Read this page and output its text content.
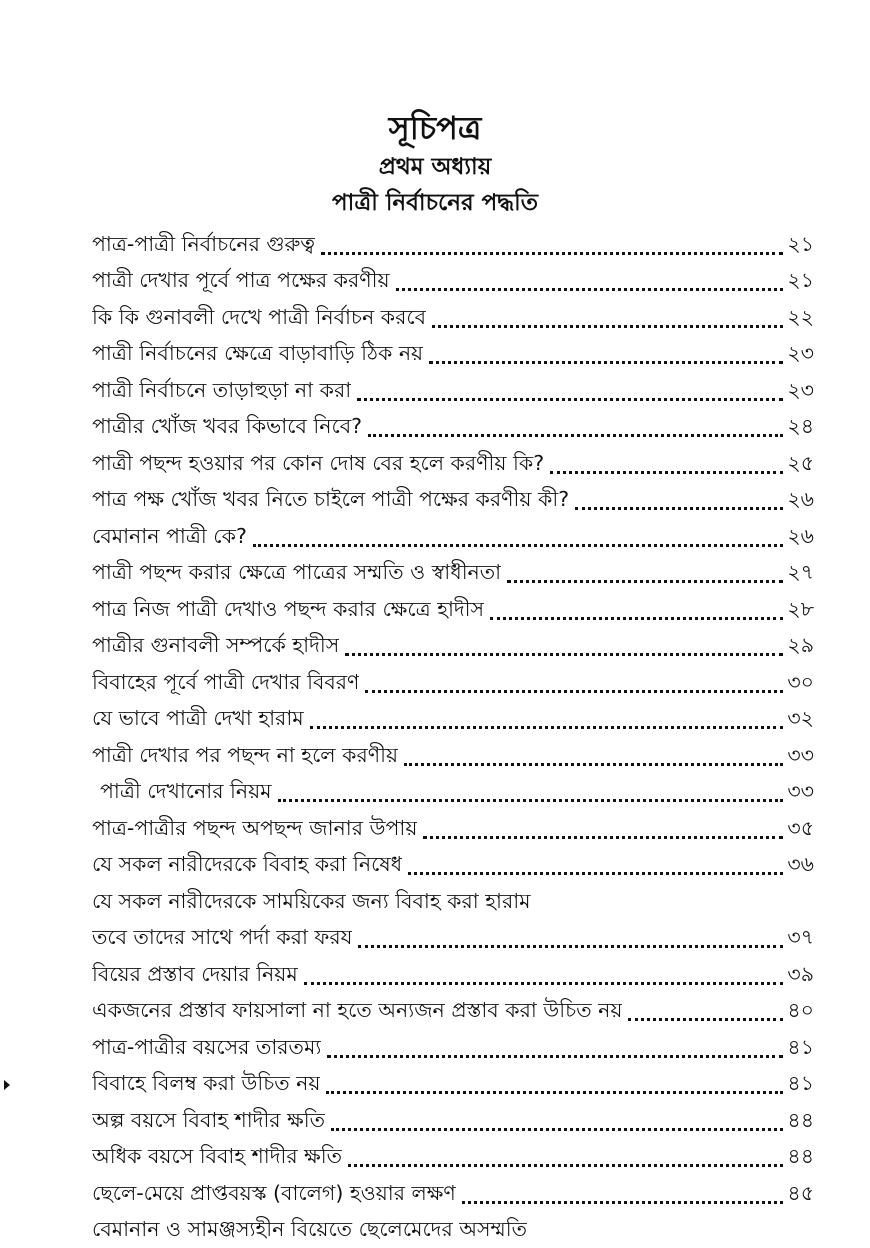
সূচিপত্র
প্রথম অধ্যায়
পাত্রী নির্বাচনের পদ্ধতি
পাত্র-পাত্রী নির্বাচনের গুরুত্ব	২১
পাত্রী দেখার পূর্বে পাত্র পক্ষের করণীয়	২১
কি কি গুনাবলী দেখে পাত্রী নির্বাচন করবে	২২
পাত্রী নির্বাচনের ক্ষেত্রে বাড়াবাড়ি ঠিক নয়	২৩
পাত্রী নির্বাচনে তাড়াহুড়া না করা	২৩
পাত্রীর খোঁজ খবর কিভাবে নিবে?	২৪
পাত্রী পছন্দ হওয়ার পর কোন দোষ বের হলে করণীয় কি?	২৫
পাত্র পক্ষ খোঁজ খবর নিতে চাইলে পাত্রী পক্ষের করণীয় কী?	২৬
বেমানান পাত্রী কে?	২৬
পাত্রী পছন্দ করার ক্ষেত্রে পাত্রের সম্মতি ও স্বাধীনতা	২৭
পাত্র নিজ পাত্রী দেখাও পছন্দ করার ক্ষেত্রে হাদীস	২৮
পাত্রীর গুনাবলী সম্পর্কে হাদীস	২৯
বিবাহের পূর্বে পাত্রী দেখার বিবরণ	৩০
যে ভাবে পাত্রী দেখা হারাম	৩২
পাত্রী দেখার পর পছন্দ না হলে করণীয়	৩৩
পাত্রী দেখানোর নিয়ম	৩৩
পাত্র-পাত্রীর পছন্দ অপছন্দ জানার উপায়	৩৫
যে সকল নারীদেরকে বিবাহ করা নিষেধ	৩৬
যে সকল নারীদেরকে সাময়িকের জন্য বিবাহ করা হারাম
তবে তাদের সাথে পর্দা করা ফরয	৩৭
বিয়ের প্রস্তাব দেয়ার নিয়ম	৩৯
একজনের প্রস্তাব ফায়সালা না হতে অন্যজন প্রস্তাব করা উচিত নয়	৪০
পাত্র-পাত্রীর বয়সের তারতম্য	৪১
বিবাহে বিলম্ব করা উচিত নয়	৪১
অল্প বয়সে বিবাহ শাদীর ক্ষতি	৪৪
অধিক বয়সে বিবাহ শাদীর ক্ষতি	৪৪
ছেলে-মেয়ে প্রাপ্তবয়স্ক (বালেগ) হওয়ার লক্ষণ	৪৫
বেমানান ও সামঞ্জস্যহীন বিয়েতে ছেলেমেদের অসম্মতি
